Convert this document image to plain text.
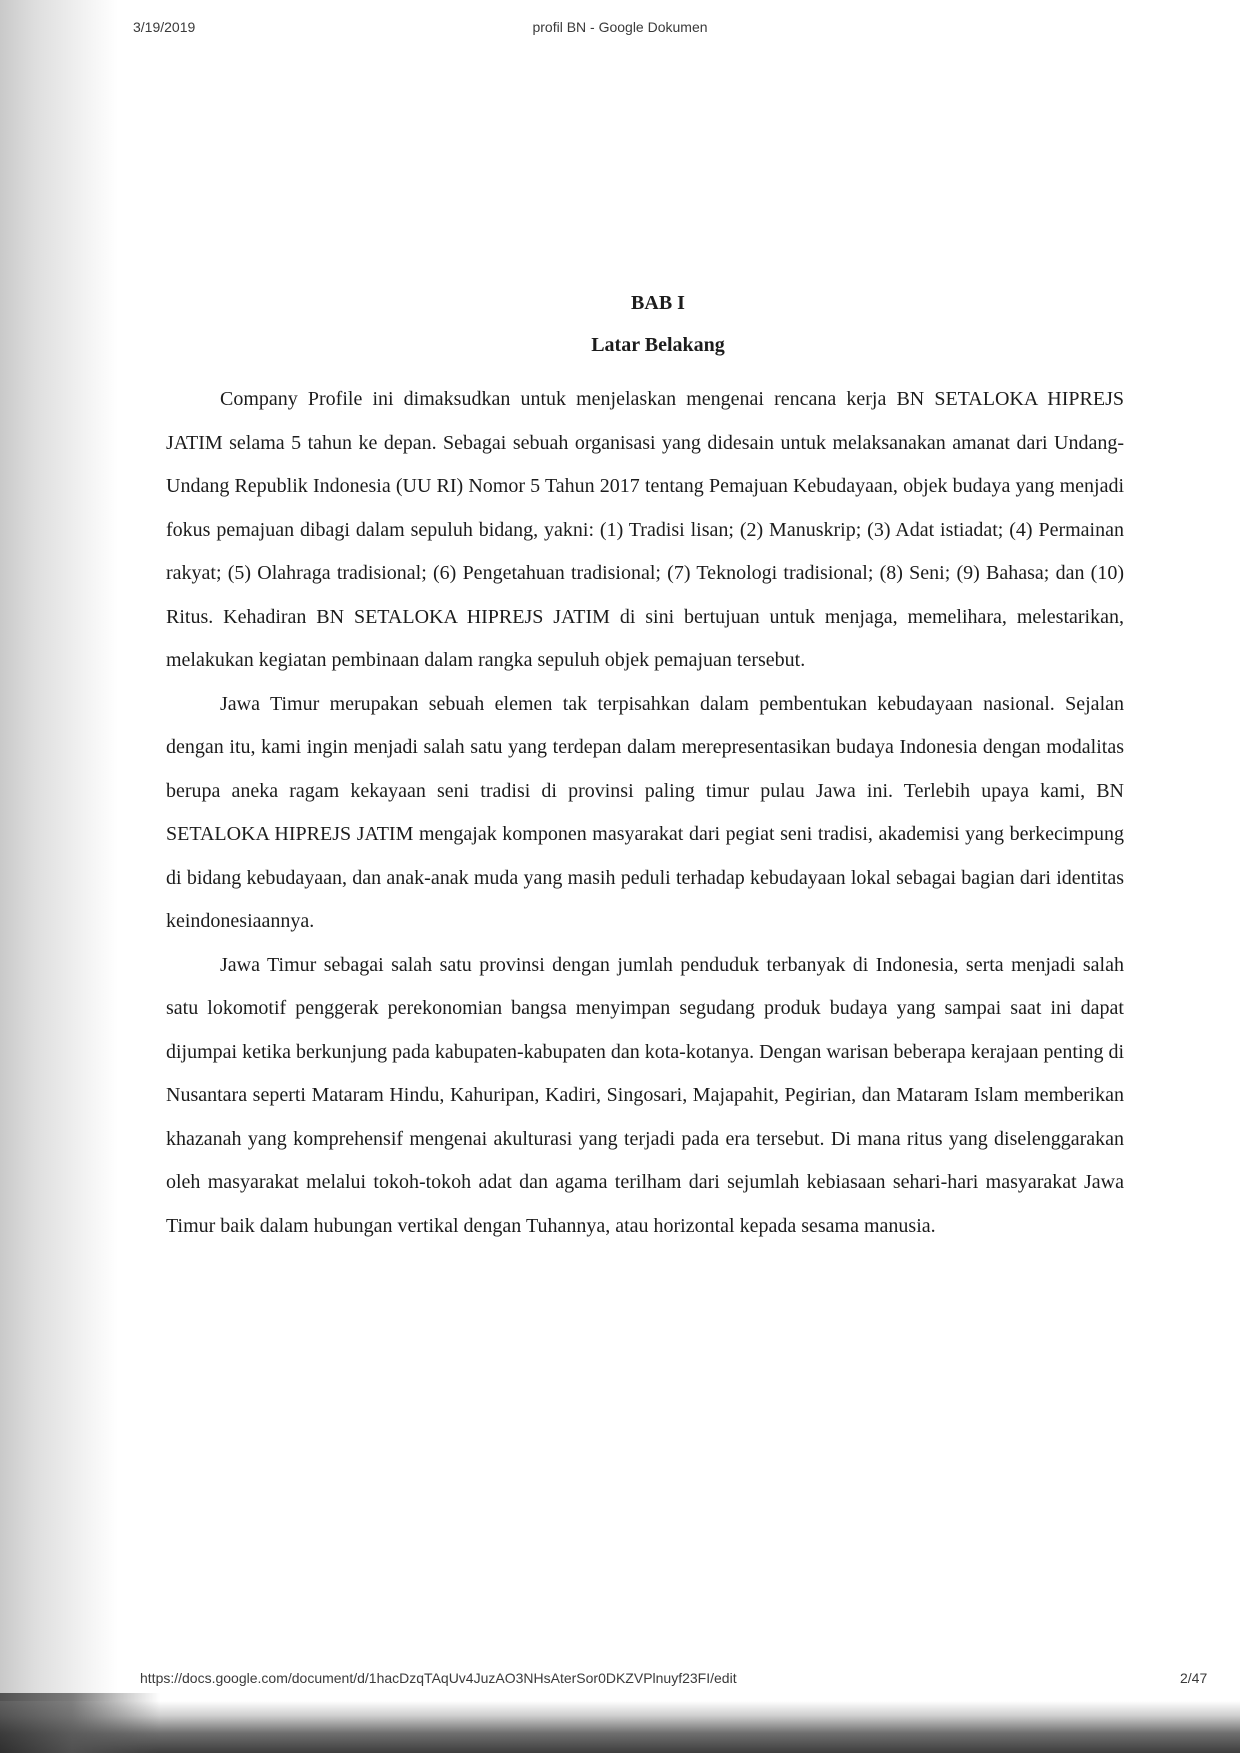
3/19/2019	profil BN - Google Dokumen
BAB I
Latar Belakang

Company Profile ini dimaksudkan untuk menjelaskan mengenai rencana kerja BN SETALOKA HIPREJS JATIM selama 5 tahun ke depan. Sebagai sebuah organisasi yang didesain untuk melaksanakan amanat dari Undang-Undang Republik Indonesia (UU RI) Nomor 5 Tahun 2017 tentang Pemajuan Kebudayaan, objek budaya yang menjadi fokus pemajuan dibagi dalam sepuluh bidang, yakni: (1) Tradisi lisan; (2) Manuskrip; (3) Adat istiadat; (4) Permainan rakyat; (5) Olahraga tradisional; (6) Pengetahuan tradisional; (7) Teknologi tradisional; (8) Seni; (9) Bahasa; dan (10) Ritus. Kehadiran BN SETALOKA HIPREJS JATIM di sini bertujuan untuk menjaga, memelihara, melestarikan, melakukan kegiatan pembinaan dalam rangka sepuluh objek pemajuan tersebut.

Jawa Timur merupakan sebuah elemen tak terpisahkan dalam pembentukan kebudayaan nasional. Sejalan dengan itu, kami ingin menjadi salah satu yang terdepan dalam merepresentasikan budaya Indonesia dengan modalitas berupa aneka ragam kekayaan seni tradisi di provinsi paling timur pulau Jawa ini. Terlebih upaya kami, BN SETALOKA HIPREJS JATIM mengajak komponen masyarakat dari pegiat seni tradisi, akademisi yang berkecimpung di bidang kebudayaan, dan anak-anak muda yang masih peduli terhadap kebudayaan lokal sebagai bagian dari identitas keindonesiaannya.

Jawa Timur sebagai salah satu provinsi dengan jumlah penduduk terbanyak di Indonesia, serta menjadi salah satu lokomotif penggerak perekonomian bangsa menyimpan segudang produk budaya yang sampai saat ini dapat dijumpai ketika berkunjung pada kabupaten-kabupaten dan kota-kotanya. Dengan warisan beberapa kerajaan penting di Nusantara seperti Mataram Hindu, Kahuripan, Kadiri, Singosari, Majapahit, Pegirian, dan Mataram Islam memberikan khazanah yang komprehensif mengenai akulturasi yang terjadi pada era tersebut. Di mana ritus yang diselenggarakan oleh masyarakat melalui tokoh-tokoh adat dan agama terilham dari sejumlah kebiasaan sehari-hari masyarakat Jawa Timur baik dalam hubungan vertikal dengan Tuhannya, atau horizontal kepada sesama manusia.

https://docs.google.com/document/d/1hacDzqTAqUv4JuzAO3NHsAterSor0DKZVPlnuyf23FI/edit	2/47
